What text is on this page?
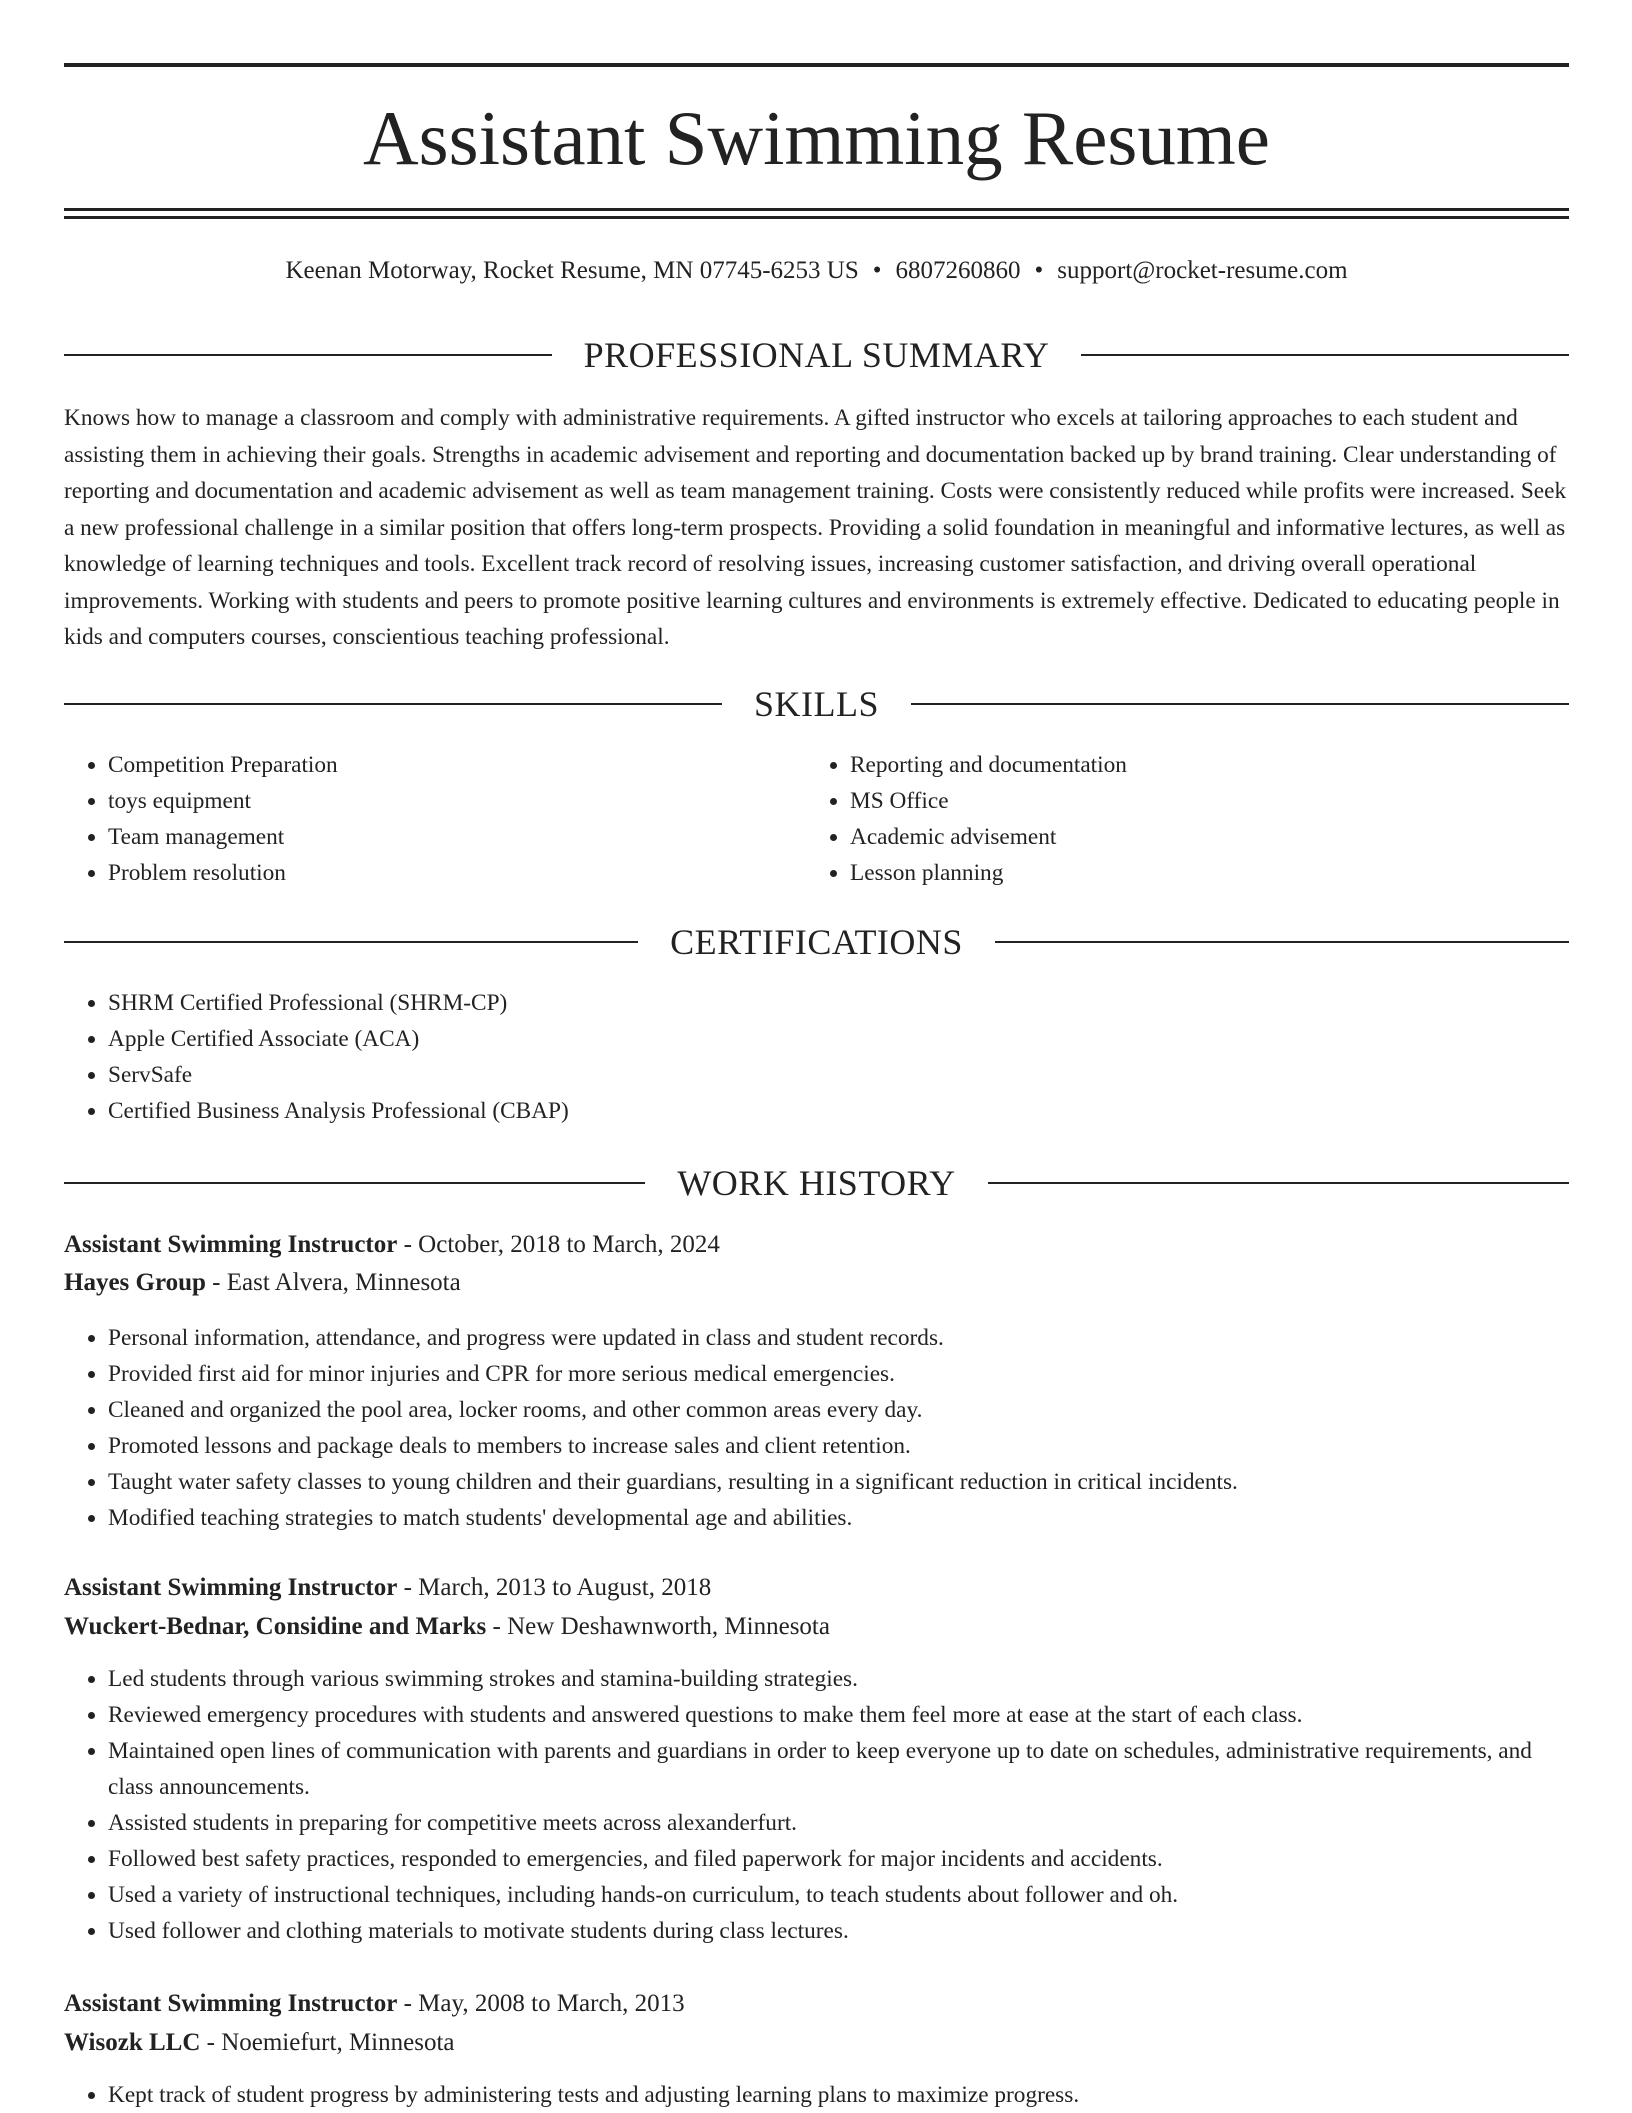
Assistant Swimming Resume
Keenan Motorway, Rocket Resume, MN 07745-6253 US • 6807260860 • support@rocket-resume.com
PROFESSIONAL SUMMARY

Knows how to manage a classroom and comply with administrative requirements. A gifted instructor who excels at tailoring approaches to each student and assisting them in achieving their goals. Strengths in academic advisement and reporting and documentation backed up by brand training. Clear understanding of reporting and documentation and academic advisement as well as team management training. Costs were consistently reduced while profits were increased. Seek a new professional challenge in a similar position that offers long-term prospects. Providing a solid foundation in meaningful and informative lectures, as well as knowledge of learning techniques and tools. Excellent track record of resolving issues, increasing customer satisfaction, and driving overall operational improvements. Working with students and peers to promote positive learning cultures and environments is extremely effective. Dedicated to educating people in kids and computers courses, conscientious teaching professional.

SKILLS
• Competition Preparation
• toys equipment
• Team management
• Problem resolution
• Reporting and documentation
• MS Office
• Academic advisement
• Lesson planning
CERTIFICATIONS
• SHRM Certified Professional (SHRM-CP)
• Apple Certified Associate (ACA)
• ServSafe
• Certified Business Analysis Professional (CBAP)
WORK HISTORY
Assistant Swimming Instructor - October, 2018 to March, 2024
Hayes Group - East Alvera, Minnesota
• Personal information, attendance, and progress were updated in class and student records.
• Provided first aid for minor injuries and CPR for more serious medical emergencies.
• Cleaned and organized the pool area, locker rooms, and other common areas every day.
• Promoted lessons and package deals to members to increase sales and client retention.
• Taught water safety classes to young children and their guardians, resulting in a significant reduction in critical incidents.
• Modified teaching strategies to match students' developmental age and abilities.
Assistant Swimming Instructor - March, 2013 to August, 2018
Wuckert-Bednar, Considine and Marks - New Deshawnworth, Minnesota
• Led students through various swimming strokes and stamina-building strategies.
• Reviewed emergency procedures with students and answered questions to make them feel more at ease at the start of each class.
• Maintained open lines of communication with parents and guardians in order to keep everyone up to date on schedules, administrative requirements, and class announcements.
• Assisted students in preparing for competitive meets across alexanderfurt.
• Followed best safety practices, responded to emergencies, and filed paperwork for major incidents and accidents.
• Used a variety of instructional techniques, including hands-on curriculum, to teach students about follower and oh.
• Used follower and clothing materials to motivate students during class lectures.
Assistant Swimming Instructor - May, 2008 to March, 2013
Wisozk LLC - Noemiefurt, Minnesota
• Kept track of student progress by administering tests and adjusting learning plans to maximize progress.
